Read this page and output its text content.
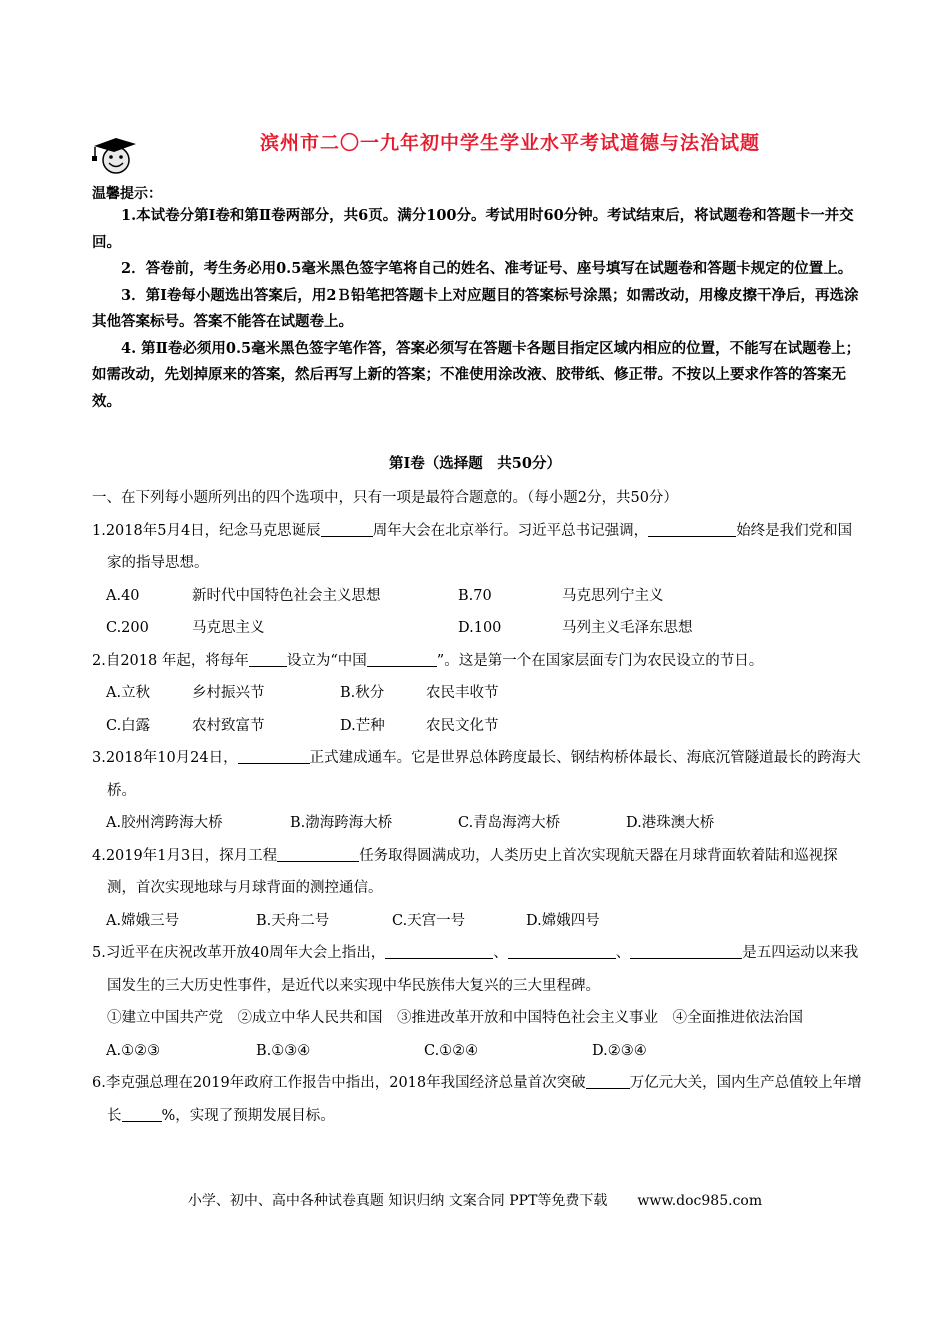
滨州市二〇一九年初中学生学业水平考试道德与法治试题
温馨提示：

1.本试卷分第Ⅰ卷和第Ⅱ卷两部分，共6页。满分100分。考试用时60分钟。考试结束后，将试题卷和答题卡一并交回。

2．答卷前，考生务必用0.5毫米黑色签字笔将自己的姓名、准考证号、座号填写在试题卷和答题卡规定的位置上。

3．第Ⅰ卷每小题选出答案后，用2Ｂ铅笔把答题卡上对应题目的答案标号涂黑；如需改动，用橡皮擦干净后，再选涂其他答案标号。答案不能答在试题卷上。

4. 第Ⅱ卷必须用0.5毫米黑色签字笔作答，答案必须写在答题卡各题目指定区域内相应的位置，不能写在试题卷上；如需改动，先划掉原来的答案，然后再写上新的答案；不准使用涂改液、胶带纸、修正带。不按以上要求作答的答案无效。

第Ⅰ卷（选择题　共50分）

一、在下列每小题所列出的四个选项中，只有一项是最符合题意的。（每小题2分，共50分）

1.2018年5月4日，纪念马克思诞辰	周年大会在北京举行。习近平总书记强调，	始终是我们党和国家的指导思想。

A.40	新时代中国特色社会主义思想	B.70	马克思列宁主义
C.200	马克思主义	D.100	马列主义毛泽东思想

2.自2018 年起，将每年	设立为“中国	”。这是第一个在国家层面专门为农民设立的节日。

A.立秋	乡村振兴节	B.秋分	农民丰收节
C.白露	农村致富节	D.芒种	农民文化节

3.2018年10月24日，	正式建成通车。它是世界总体跨度最长、钢结构桥体最长、海底沉管隧道最长的跨海大桥。

A.胶州湾跨海大桥	B.渤海跨海大桥	C.青岛海湾大桥	D.港珠澳大桥

4.2019年1月3日，探月工程	任务取得圆满成功，人类历史上首次实现航天器在月球背面软着陆和巡视探测，首次实现地球与月球背面的测控通信。

A.嫦娥三号	B.天舟二号	C.天宫一号	D.嫦娥四号

5.习近平在庆祝改革开放40周年大会上指出，	、	、	是五四运动以来我国发生的三大历史性事件，是近代以来实现中华民族伟大复兴的三大里程碑。

①建立中国共产党　②成立中华人民共和国　③推进改革开放和中国特色社会主义事业　④全面推进依法治国

A.①②③	B.①③④	C.①②④	D.②③④

6.李克强总理在2019年政府工作报告中指出，2018年我国经济总量首次突破	万亿元大关，国内生产总值较上年增长	%，实现了预期发展目标。

小学、初中、高中各种试卷真题 知识归纳 文案合同 PPT等免费下载 www.doc985.com
